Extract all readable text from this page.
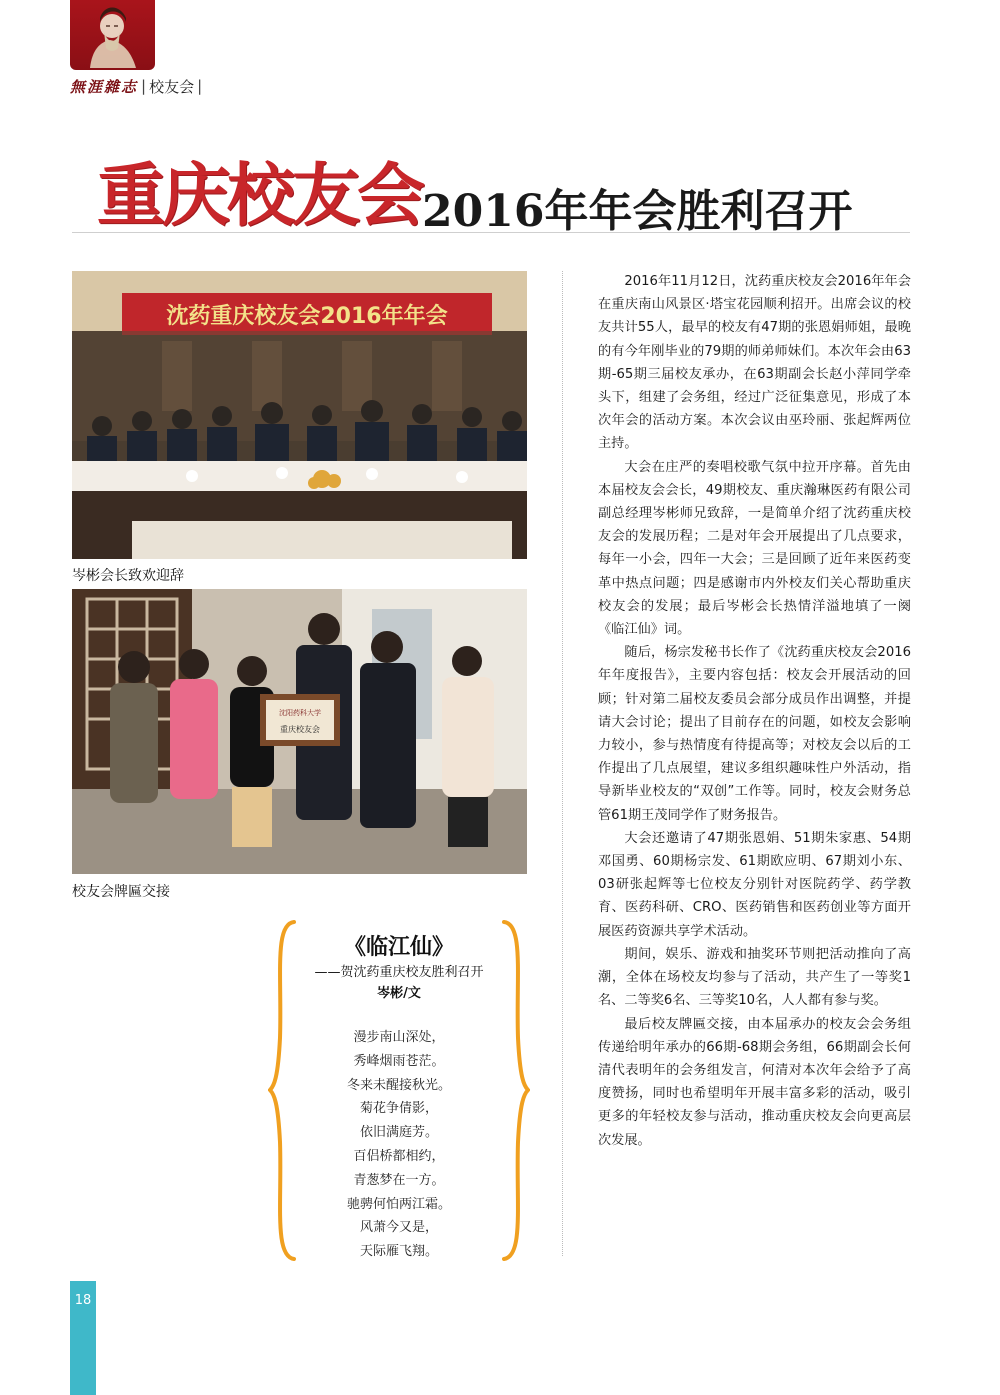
無涯雜志 | 校友会 |
重庆校友会2016年年会胜利召开
沈药重庆校友会2016年年会
岑彬会长致欢迎辞
沈阳药科大学
重庆校友会
校友会牌匾交接
《临江仙》
——贺沈药重庆校友胜利召开
岑彬/文
漫步南山深处，
秀峰烟雨苍茫。
冬来未醒接秋光。
菊花争倩影，
依旧满庭芳。
百侣桥都相约，
青葱梦在一方。
驰骋何怕两江霜。
风萧今又是，
天际雁飞翔。

2016年11月12日，沈药重庆校友会2016年年会在重庆南山风景区·塔宝花园顺利招开。出席会议的校友共计55人，最早的校友有47期的张恩娟师姐，最晚的有今年刚毕业的79期的师弟师妹们。本次年会由63期-65期三届校友承办，在63期副会长赵小萍同学牵头下，组建了会务组，经过广泛征集意见，形成了本次年会的活动方案。本次会议由巫玲丽、张起辉两位主持。

大会在庄严的奏唱校歌气氛中拉开序幕。首先由本届校友会会长，49期校友、重庆瀚琳医药有限公司副总经理岑彬师兄致辞，一是简单介绍了沈药重庆校友会的发展历程；二是对年会开展提出了几点要求，每年一小会，四年一大会；三是回顾了近年来医药变革中热点问题；四是感谢市内外校友们关心帮助重庆校友会的发展；最后岑彬会长热情洋溢地填了一阕《临江仙》词。

随后，杨宗发秘书长作了《沈药重庆校友会2016年年度报告》，主要内容包括：校友会开展活动的回顾；针对第二届校友委员会部分成员作出调整，并提请大会讨论；提出了目前存在的问题，如校友会影响力较小，参与热情度有待提高等；对校友会以后的工作提出了几点展望，建议多组织趣味性户外活动，指导新毕业校友的“双创”工作等。同时，校友会财务总管61期王茂同学作了财务报告。

大会还邀请了47期张恩娟、51期朱家惠、54期邓国勇、60期杨宗发、61期欧应明、67期刘小东、03研张起辉等七位校友分别针对医院药学、药学教育、医药科研、CRO、医药销售和医药创业等方面开展医药资源共享学术活动。

期间，娱乐、游戏和抽奖环节则把活动推向了高潮，全体在场校友均参与了活动，共产生了一等奖1名、二等奖6名、三等奖10名，人人都有参与奖。

最后校友牌匾交接，由本届承办的校友会会务组传递给明年承办的66期-68期会务组，66期副会长何清代表明年的会务组发言，何清对本次年会给予了高度赞扬，同时也希望明年开展丰富多彩的活动，吸引更多的年轻校友参与活动，推动重庆校友会向更高层次发展。

18
